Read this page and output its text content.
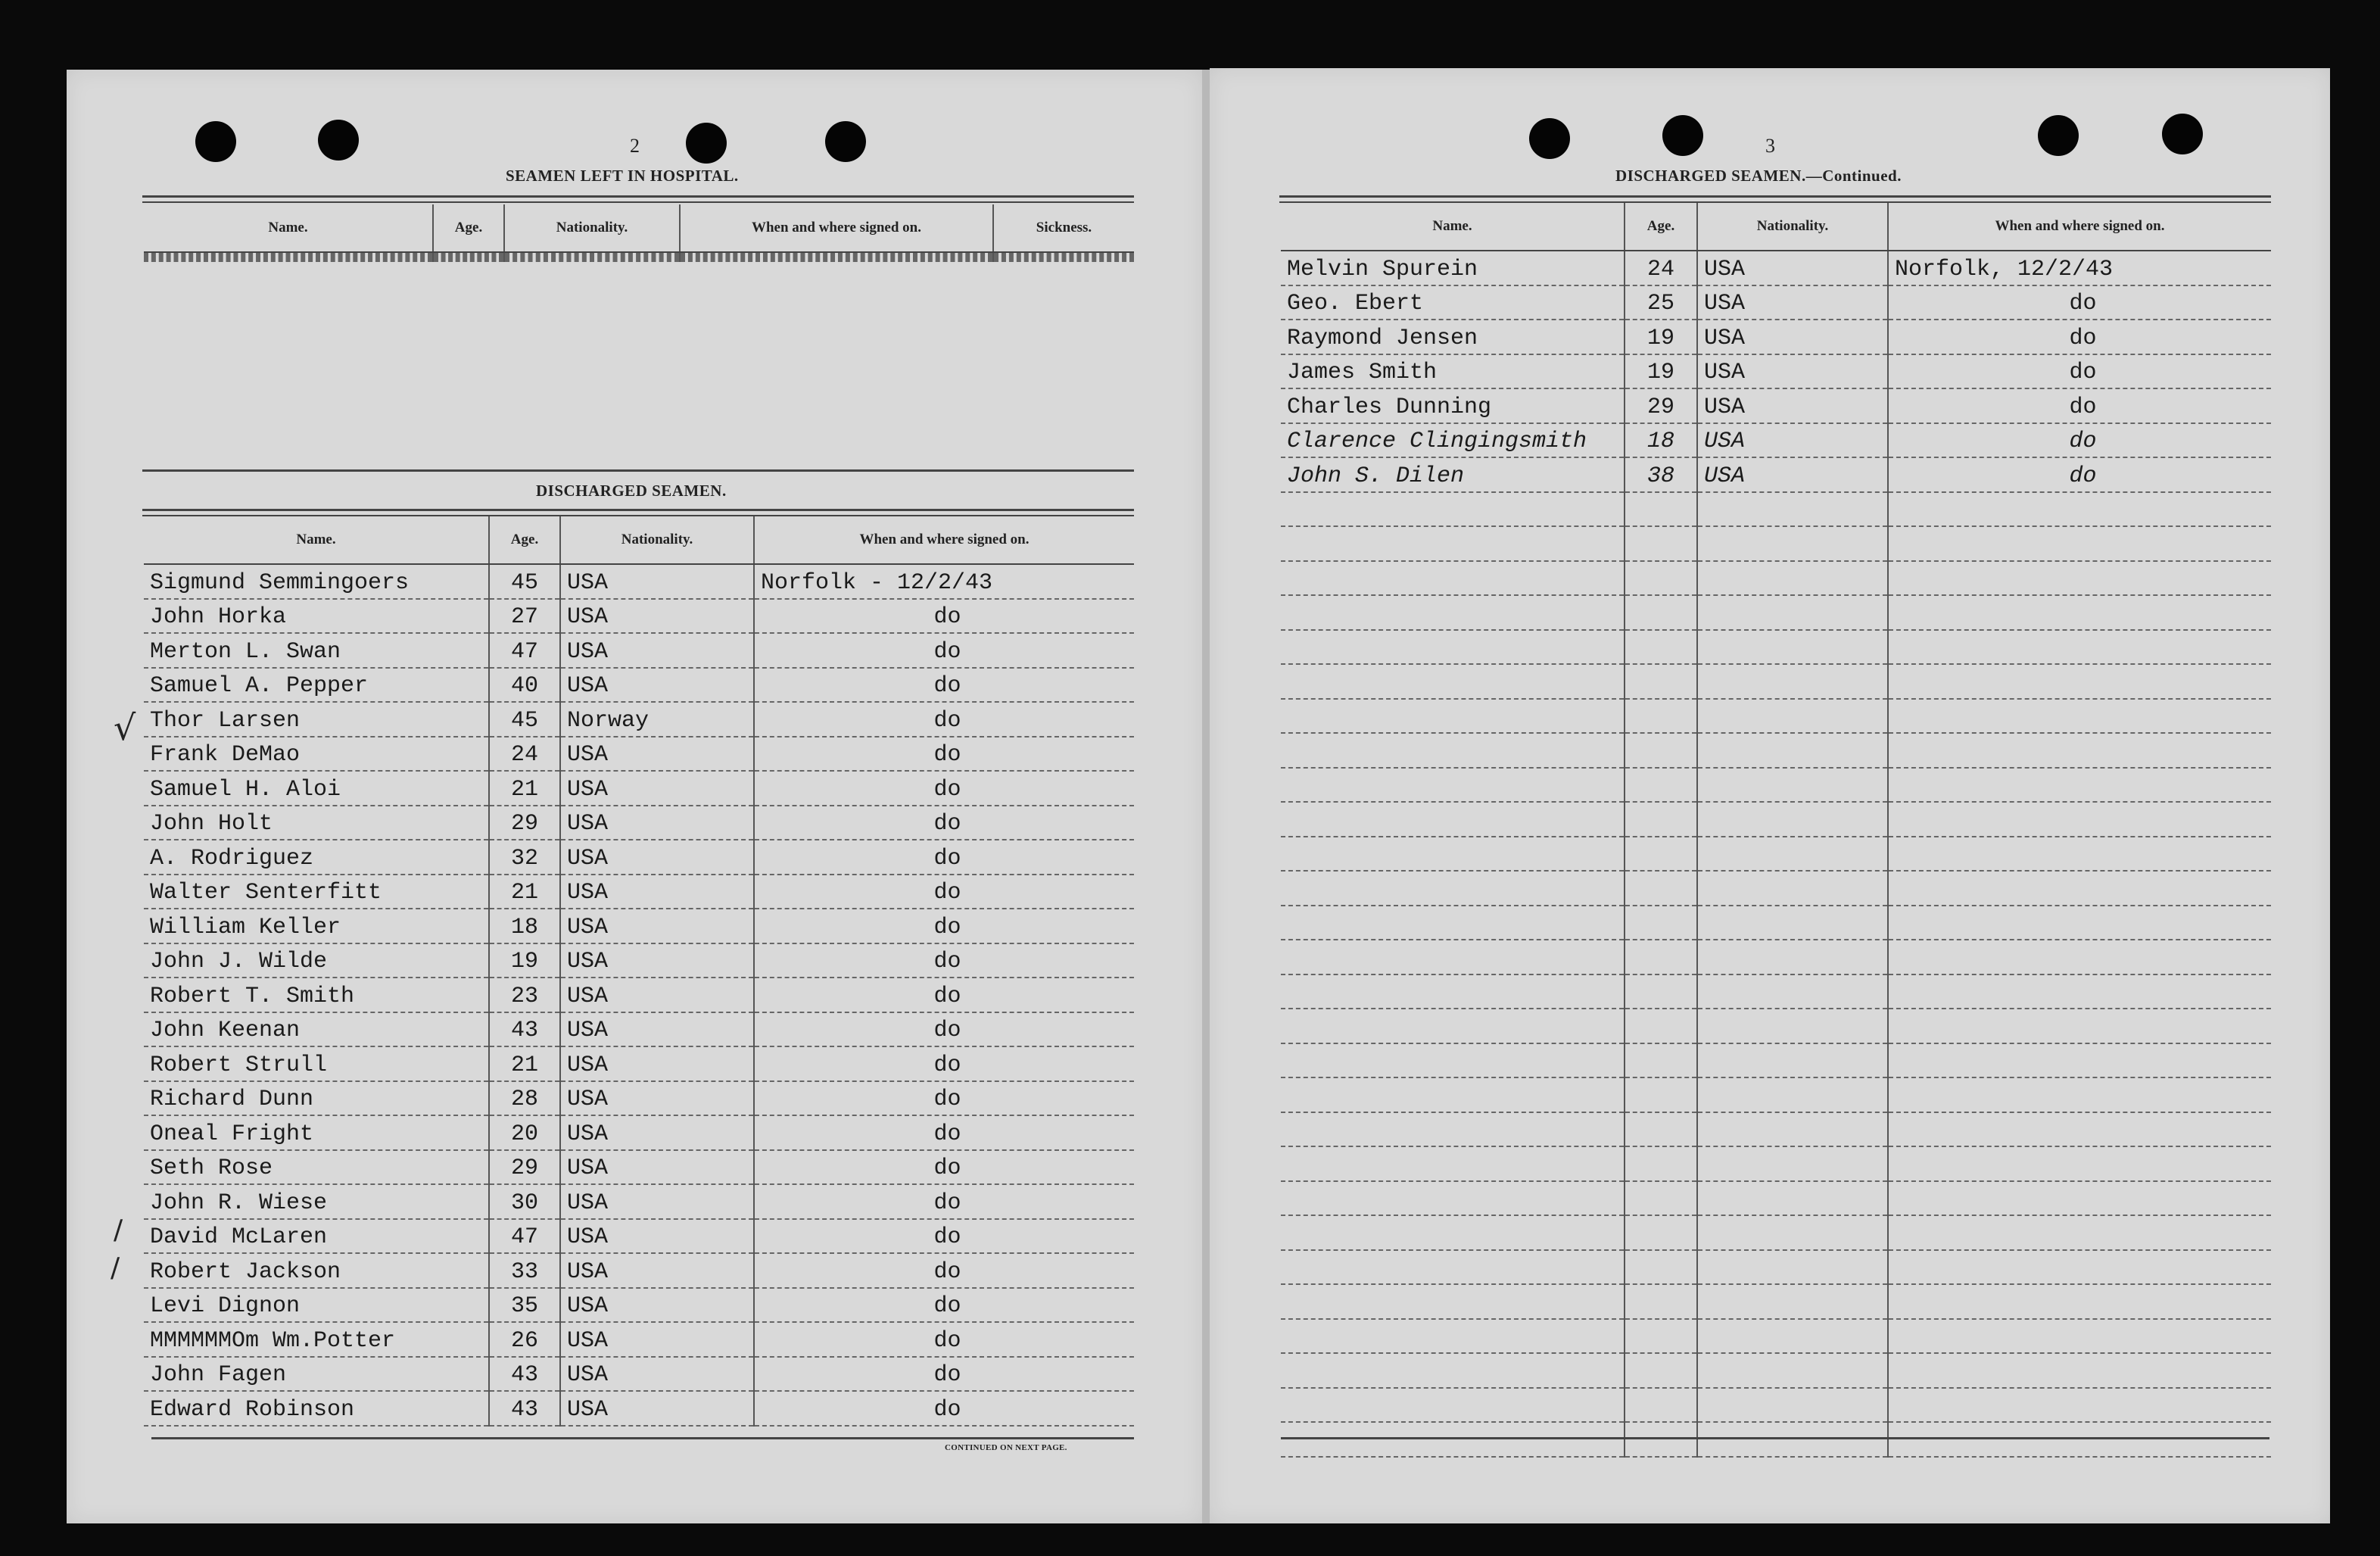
2
SEAMEN LEFT IN HOSPITAL.
Name.	Age.	Nationality.	When and where signed on.	Sickness.

DISCHARGED SEAMEN.
Name.	Age.	Nationality.	When and where signed on.
Sigmund Semmingoers	45	USA	Norfolk - 12/2/43
John Horka	27	USA	do
Merton L. Swan	47	USA	do
Samuel A. Pepper	40	USA	do
Thor Larsen	45	Norway	do
Frank DeMao	24	USA	do
Samuel H. Aloi	21	USA	do
John Holt	29	USA	do
A. Rodriguez	32	USA	do
Walter Senterfitt	21	USA	do
William Keller	18	USA	do
John J. Wilde	19	USA	do
Robert T. Smith	23	USA	do
John Keenan	43	USA	do
Robert Strull	21	USA	do
Richard Dunn	28	USA	do
Oneal Fright	20	USA	do
Seth Rose	29	USA	do
John R. Wiese	30	USA	do
David McLaren	47	USA	do
Robert Jackson	33	USA	do
Levi Dignon	35	USA	do
MMMMMMOm Wm.Potter	26	USA	do
John Fagen	43	USA	do
Edward Robinson	43	USA	do
√
/
/
CONTINUED ON NEXT PAGE.
3
DISCHARGED SEAMEN.—Continued.
Name.	Age.	Nationality.	When and where signed on.
Melvin Spurein	24	USA	Norfolk, 12/2/43
Geo. Ebert	25	USA	do
Raymond Jensen	19	USA	do
James Smith	19	USA	do
Charles Dunning	29	USA	do
Clarence Clingingsmith	18	USA	do
John S. Dilen	38	USA	do
